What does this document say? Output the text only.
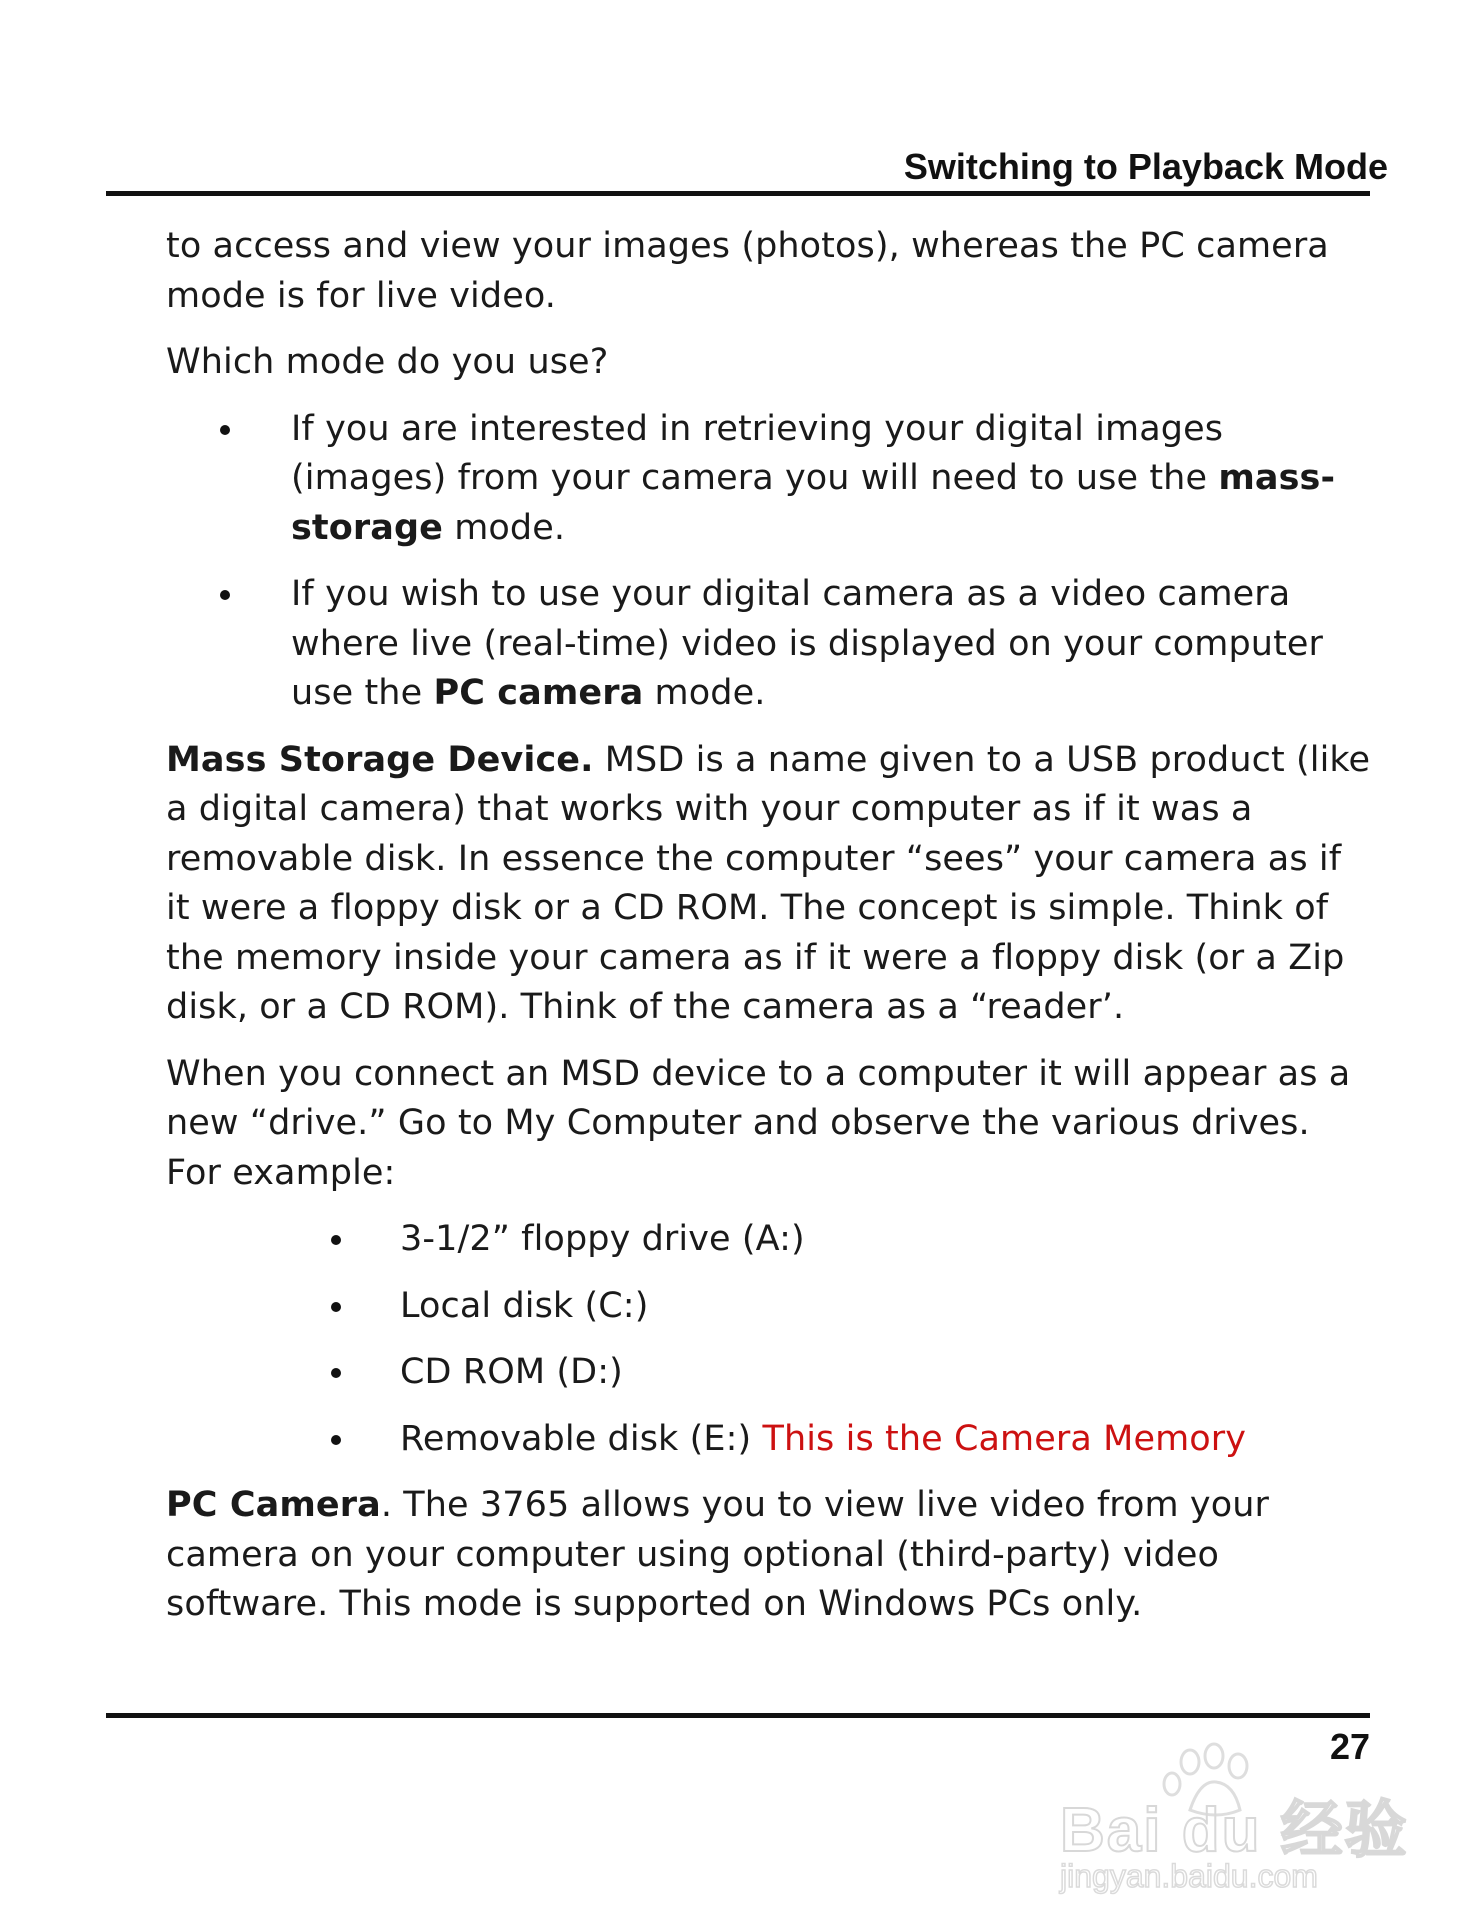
Switching to Playback Mode

to access and view your images (photos), whereas the PC camera mode is for live video.

Which mode do you use?

If you are interested in retrieving your digital images (images) from your camera you will need to use the mass-storage mode.
If you wish to use your digital camera as a video camera where live (real-time) video is displayed on your computer use the PC camera mode.

Mass Storage Device. MSD is a name given to a USB product (like a digital camera) that works with your computer as if it was a removable disk. In essence the computer “sees” your camera as if it were a floppy disk or a CD ROM. The concept is simple. Think of the memory inside your camera as if it were a floppy disk (or a Zip disk, or a CD ROM). Think of the camera as a “reader’.

When you connect an MSD device to a computer it will appear as a new “drive.” Go to My Computer and observe the various drives. For example:

3-1/2” floppy drive (A:)
Local disk (C:)
CD ROM (D:)
Removable disk (E:) This is the Camera Memory

PC Camera. The 3765 allows you to view live video from your camera on your computer using optional (third-party) video software. This mode is supported on Windows PCs only.

27
Bai du 经验
jingyan.baidu.com
